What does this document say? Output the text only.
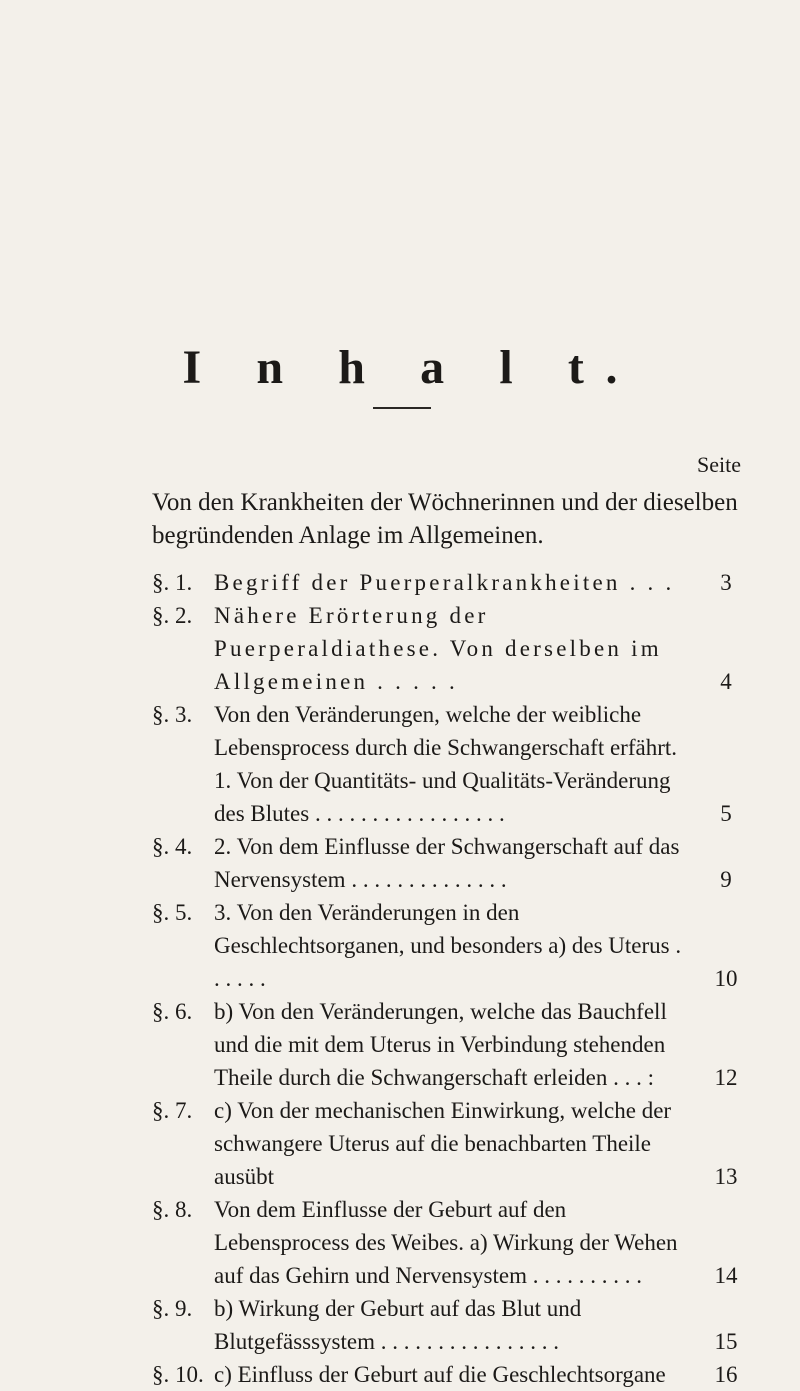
I n h a l t.
Seite
Von den Krankheiten der Wöchnerinnen und der dieselben begründenden Anlage im Allgemeinen.
§. 1. Begriff der Puerperalkrankheiten . . .	3
§. 2. Nähere Erörterung der Puerperaldiathese. Von derselben im Allgemeinen . . . . .	4
§. 3. Von den Veränderungen, welche der weibliche Lebensprocess durch die Schwangerschaft erfährt. 1. Von der Quantitäts- und Qualitäts-Veränderung des Blutes . . . . . . . . . . . . . . . . .	5
§. 4. 2. Von dem Einflusse der Schwangerschaft auf das Nervensystem . . . . . . . . . . . . . .	9
§. 5. 3. Von den Veränderungen in den Geschlechtsorganen, und besonders a) des Uterus . . . . . .	10
§. 6. b) Von den Veränderungen, welche das Bauchfell und die mit dem Uterus in Verbindung stehenden Theile durch die Schwangerschaft erleiden . . . :	12
§. 7. c) Von der mechanischen Einwirkung, welche der schwangere Uterus auf die benachbarten Theile ausübt	13
§. 8. Von dem Einflusse der Geburt auf den Lebensprocess des Weibes. a) Wirkung der Wehen auf das Gehirn und Nervensystem . . . . . . . . . .	14
§. 9. b) Wirkung der Geburt auf das Blut und Blutgefässsystem . . . . . . . . . . . . . . . .	15
§. 10. c) Einfluss der Geburt auf die Geschlechtsorgane	16
